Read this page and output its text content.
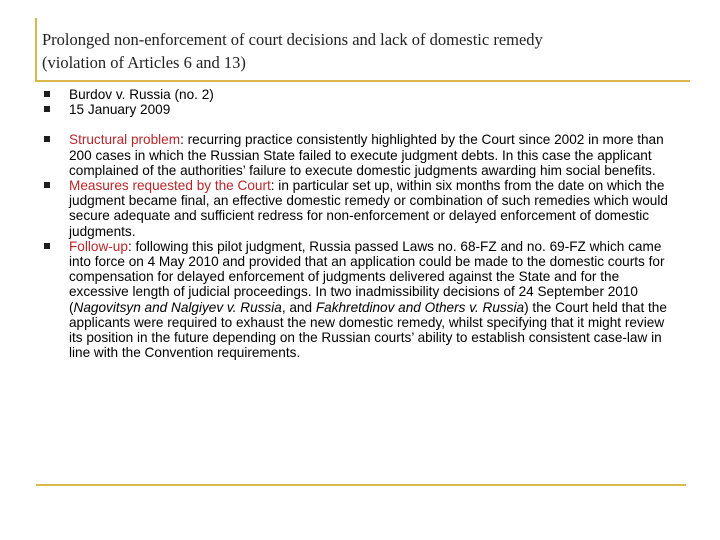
Prolonged non-enforcement of court decisions and lack of domestic remedy
(violation of Articles 6 and 13)
Burdov v. Russia (no. 2)
15 January 2009
Structural problem: recurring practice consistently highlighted by the Court since 2002 in more than 200 cases in which the Russian State failed to execute judgment debts. In this case the applicant complained of the authorities’ failure to execute domestic judgments awarding him social benefits.
Measures requested by the Court: in particular set up, within six months from the date on which the judgment became final, an effective domestic remedy or combination of such remedies which would secure adequate and sufficient redress for non-enforcement or delayed enforcement of domestic judgments.
Follow-up: following this pilot judgment, Russia passed Laws no. 68-FZ and no. 69-FZ which came into force on 4 May 2010 and provided that an application could be made to the domestic courts for compensation for delayed enforcement of judgments delivered against the State and for the excessive length of judicial proceedings. In two inadmissibility decisions of 24 September 2010 (Nagovitsyn and Nalgiyev v. Russia, and Fakhretdinov and Others v. Russia) the Court held that the applicants were required to exhaust the new domestic remedy, whilst specifying that it might review its position in the future depending on the Russian courts’ ability to establish consistent case-law in line with the Convention requirements.
